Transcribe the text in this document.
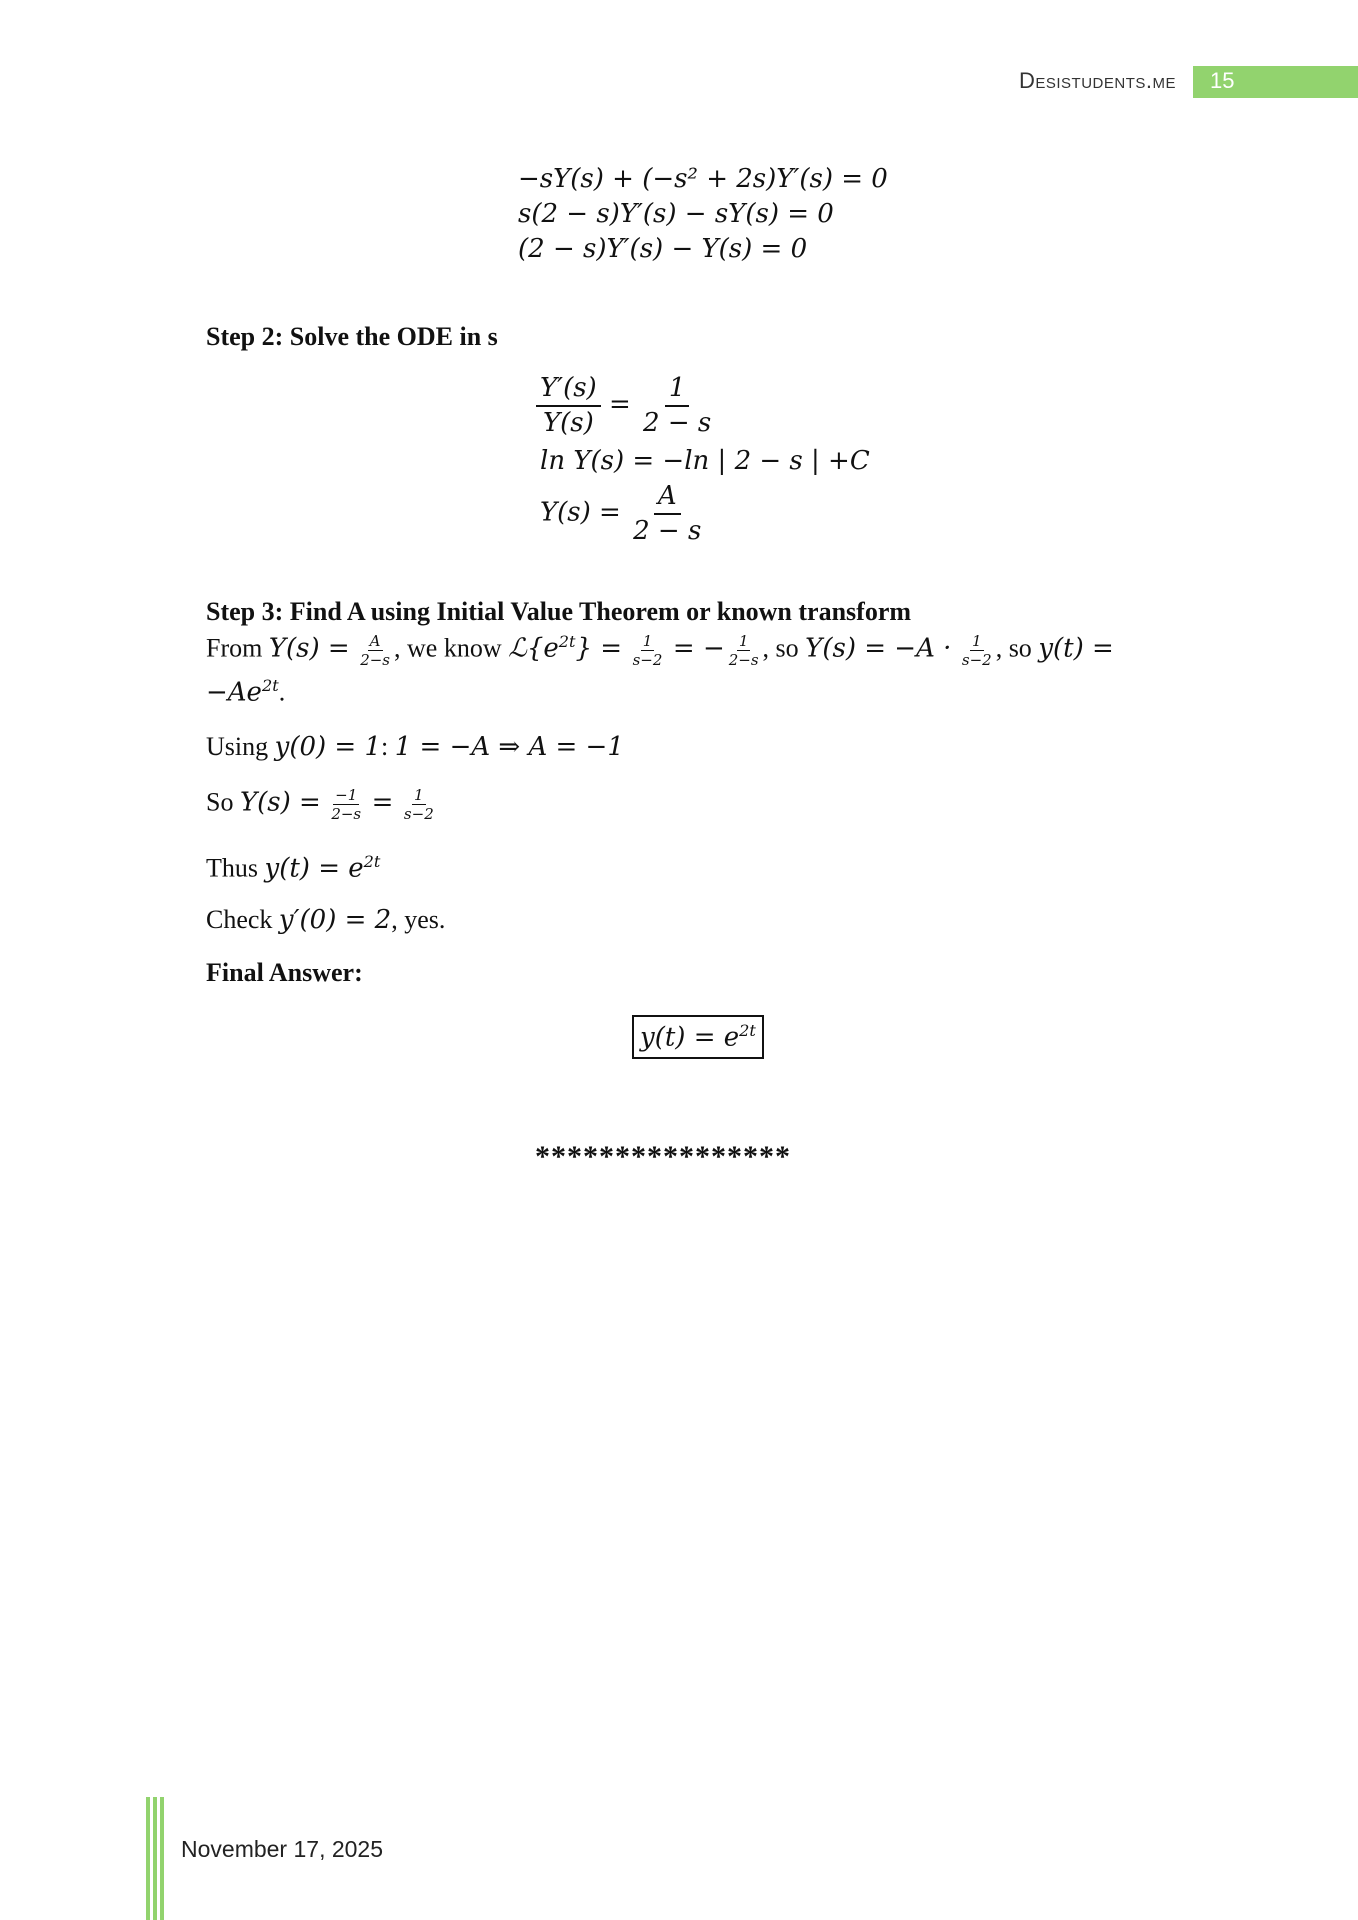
Desistudents.me 15
−sY(s) + (−s² + 2s)Y′(s) = 0
s(2 − s)Y′(s) − sY(s) = 0
(2 − s)Y′(s) − Y(s) = 0
Step 2: Solve the ODE in s
$\frac{Y'(s)}{Y(s)} = \frac{1}{2 - s}$
ln Y(s) = −ln | 2 − s | +C
$Y(s) = \frac{A}{2 - s}$
Step 3: Find A using Initial Value Theorem or known transform
From $Y(s) = \frac{A}{2-s}$ , we know $ℒ\{e^{2t}\} = \frac{1}{s-2}$ = − $\frac{1}{2-s}$ , so $Y(s) = -A \cdot \frac{1}{s-2}$ , so y(t) =
$-Ae^{2t}$.
Using y(0) = 1: 1 = −A ⇒ A = −1
So $Y(s) = \frac{-1}{2-s} = \frac{1}{s-2}$
Thus $y(t) = e^{2t}$
Check y′(0) = 2, yes.
Final Answer:
$y(t) = e^{2t}$
****************
November 17, 2025
